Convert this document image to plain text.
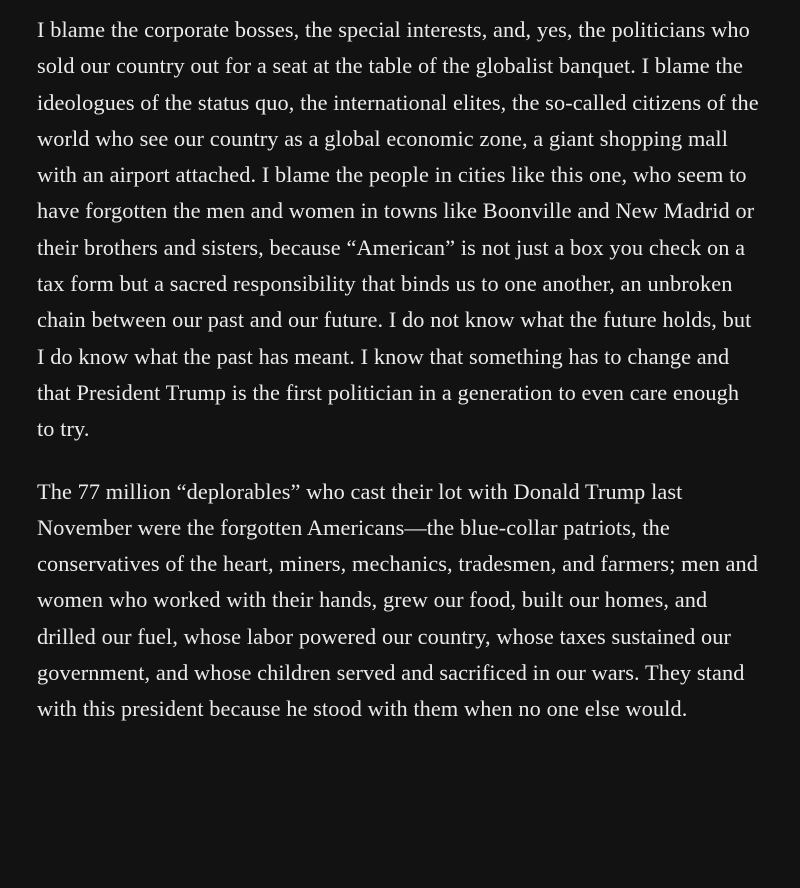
I blame the corporate bosses, the special interests, and, yes, the politicians who sold our country out for a seat at the table of the globalist banquet. I blame the ideologues of the status quo, the international elites, the so-called citizens of the world who see our country as a global economic zone, a giant shopping mall with an airport attached. I blame the people in cities like this one, who seem to have forgotten the men and women in towns like Boonville and New Madrid or their brothers and sisters, because “American” is not just a box you check on a tax form but a sacred responsibility that binds us to one another, an unbroken chain between our past and our future. I do not know what the future holds, but I do know what the past has meant. I know that something has to change and that President Trump is the first politician in a generation to even care enough to try.

The 77 million “deplorables” who cast their lot with Donald Trump last November were the forgotten Americans—the blue-collar patriots, the conservatives of the heart, miners, mechanics, tradesmen, and farmers; men and women who worked with their hands, grew our food, built our homes, and drilled our fuel, whose labor powered our country, whose taxes sustained our government, and whose children served and sacrificed in our wars. They stand with this president because he stood with them when no one else would.
